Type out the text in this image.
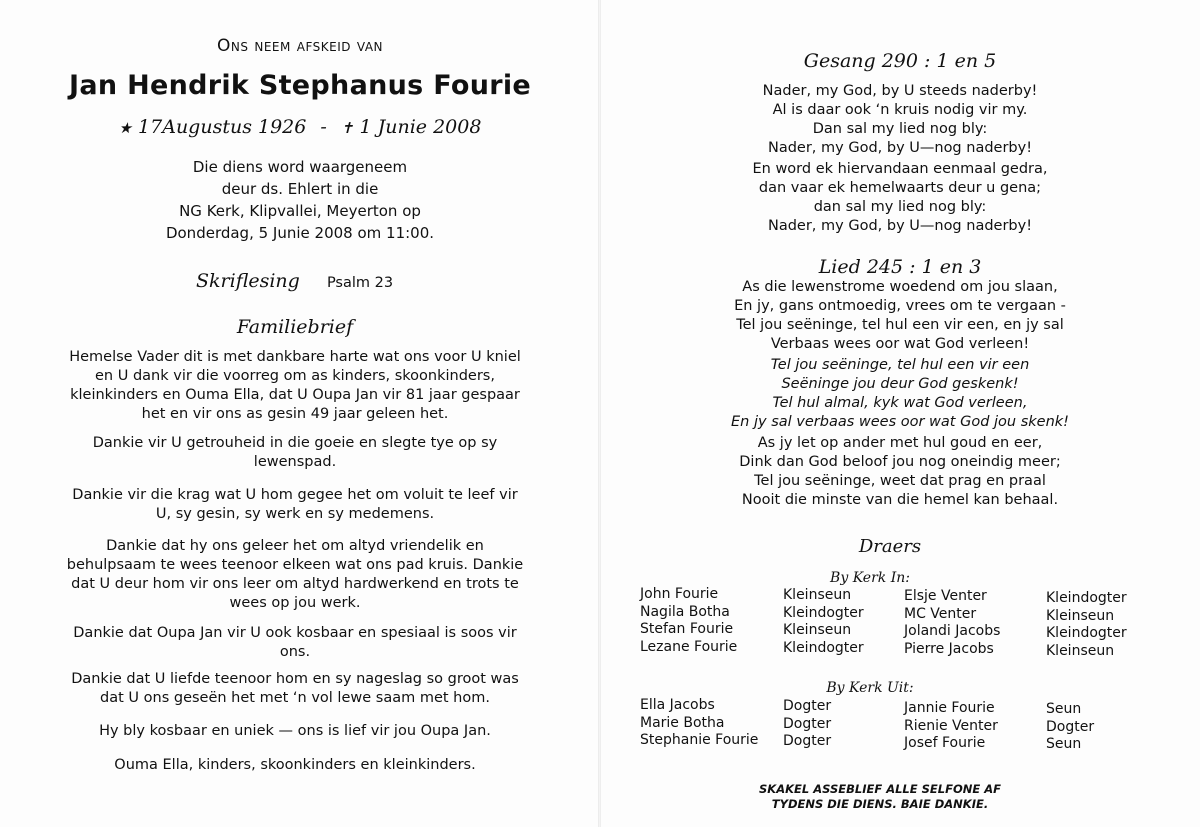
Ons neem afskeid van
Jan Hendrik Stephanus Fourie
★ 17Augustus 1926 - ✝ 1 Junie 2008

Die diens word waargeneem

deur ds. Ehlert in die

NG Kerk, Klipvallei, Meyerton op

Donderdag, 5 Junie 2008 om 11:00.

Skriflesing Psalm 23
Familiebrief

Hemelse Vader dit is met dankbare harte wat ons voor U kniel

en U dank vir die voorreg om as kinders, skoonkinders,

kleinkinders en Ouma Ella, dat U Oupa Jan vir 81 jaar gespaar

het en vir ons as gesin 49 jaar geleen het.

Dankie vir U getrouheid in die goeie en slegte tye op sy

lewenspad.

Dankie vir die krag wat U hom gegee het om voluit te leef vir

U, sy gesin, sy werk en sy medemens.

Dankie dat hy ons geleer het om altyd vriendelik en

behulpsaam te wees teenoor elkeen wat ons pad kruis. Dankie

dat U deur hom vir ons leer om altyd hardwerkend en trots te

wees op jou werk.

Dankie dat Oupa Jan vir U ook kosbaar en spesiaal is soos vir

ons.

Dankie dat U liefde teenoor hom en sy nageslag so groot was

dat U ons geseën het met ‘n vol lewe saam met hom.

Hy bly kosbaar en uniek — ons is lief vir jou Oupa Jan.

Ouma Ella, kinders, skoonkinders en kleinkinders.

Gesang 290 : 1 en 5
Nader, my God, by U steeds naderby!
Al is daar ook ‘n kruis nodig vir my.
Dan sal my lied nog bly:
Nader, my God, by U—nog naderby!
En word ek hiervandaan eenmaal gedra,
dan vaar ek hemelwaarts deur u gena;
dan sal my lied nog bly:
Nader, my God, by U—nog naderby!
Lied 245 : 1 en 3
As die lewenstrome woedend om jou slaan,
En jy, gans ontmoedig, vrees om te vergaan -
Tel jou seëninge, tel hul een vir een, en jy sal
Verbaas wees oor wat God verleen!
Tel jou seëninge, tel hul een vir een
Seëninge jou deur God geskenk!
Tel hul almal, kyk wat God verleen,
En jy sal verbaas wees oor wat God jou skenk!
As jy let op ander met hul goud en eer,
Dink dan God beloof jou nog oneindig meer;
Tel jou seëninge, weet dat prag en praal
Nooit die minste van die hemel kan behaal.
Draers
By Kerk In:
John Fourie
Nagila Botha
Stefan Fourie
Lezane Fourie
Kleinseun
Kleindogter
Kleinseun
Kleindogter
Elsje Venter
MC Venter
Jolandi Jacobs
Pierre Jacobs
Kleindogter
Kleinseun
Kleindogter
Kleinseun
By Kerk Uit:
Ella Jacobs
Marie Botha
Stephanie Fourie
Dogter
Dogter
Dogter
Jannie Fourie
Rienie Venter
Josef Fourie
Seun
Dogter
Seun
SKAKEL ASSEBLIEF ALLE SELFONE AF
TYDENS DIE DIENS. BAIE DANKIE.
